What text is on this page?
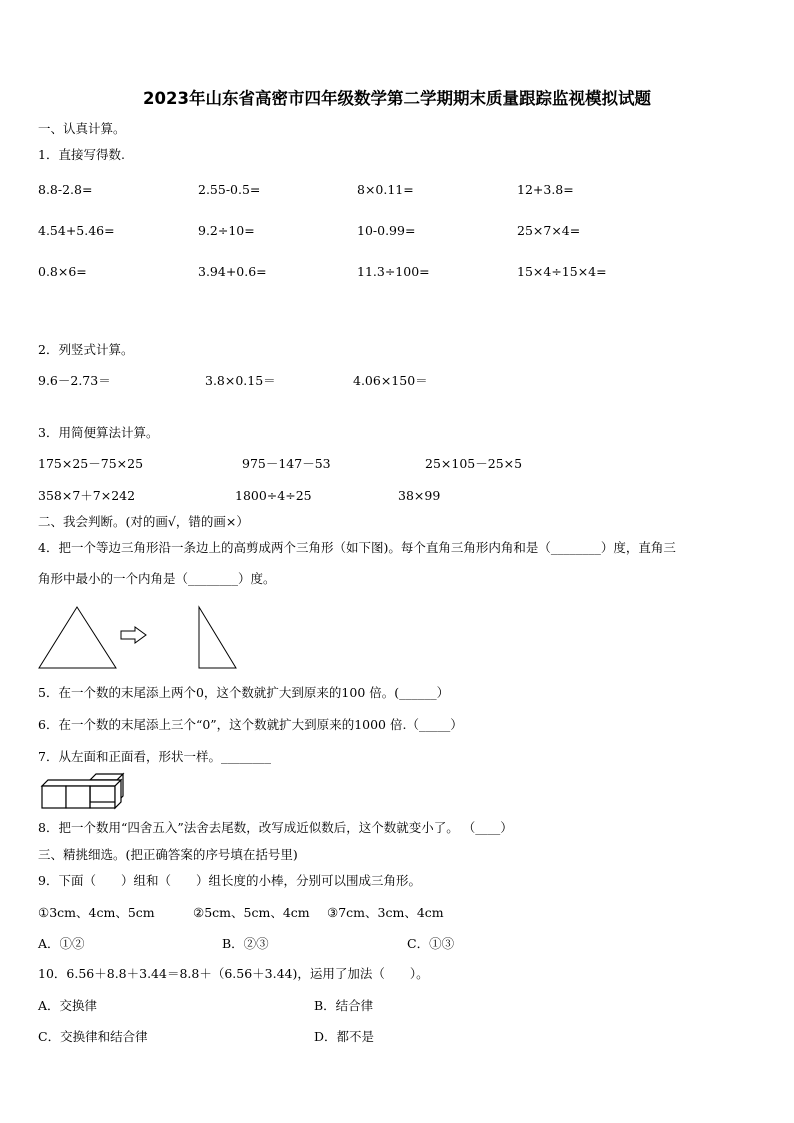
2023年山东省高密市四年级数学第二学期期末质量跟踪监视模拟试题
一、认真计算。
1．直接写得数.
8.8-2.8=	2.55-0.5=	8×0.11=	12+3.8=
4.54+5.46=	9.2÷10=	10-0.99=	25×7×4=
0.8×6=	3.94+0.6=	11.3÷100=	15×4÷15×4=
2．列竖式计算。
9.6－2.73＝	3.8×0.15＝	4.06×150＝
3．用简便算法计算。
175×25－75×25	975－147－53	25×105－25×5
358×7＋7×242	1800÷4÷25	38×99
二、我会判断。(对的画√，错的画×）
4．把一个等边三角形沿一条边上的高剪成两个三角形（如下图)。每个直角三角形内角和是（________）度，直角三
角形中最小的一个内角是（________）度。
5．在一个数的末尾添上两个0，这个数就扩大到原来的100 倍。(______）
6．在一个数的末尾添上三个“0”，这个数就扩大到原来的1000 倍.（_____）
7．从左面和正面看，形状一样。________
8．把一个数用“四舍五入”法舍去尾数，改写成近似数后，这个数就变小了。 （____）
三、精挑细选。(把正确答案的序号填在括号里)
9．下面（　　）组和（　　）组长度的小棒，分别可以围成三角形。
①3cm、4cm、5cm	②5cm、5cm、4cm ③7cm、3cm、4cm
A．①②	B．②③	C．①③
10．6.56＋8.8＋3.44＝8.8＋（6.56＋3.44)，运用了加法（　　）。
A．交换律	B．结合律
C．交换律和结合律	D．都不是
